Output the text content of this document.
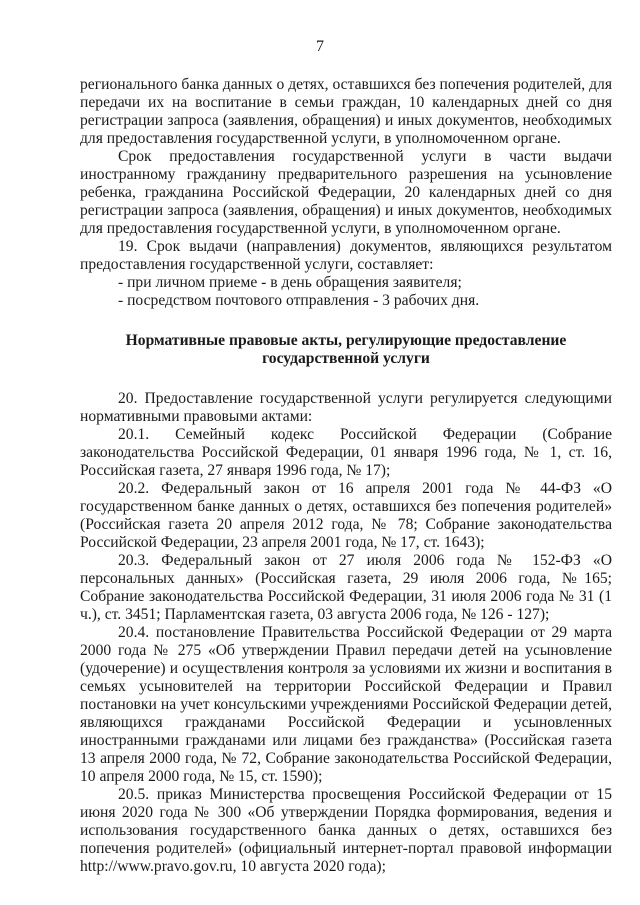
7

регионального банка данных о детях, оставшихся без попечения родителей, для передачи их на воспитание в семьи граждан, 10 календарных дней со дня регистрации запроса (заявления, обращения) и иных документов, необходимых для предоставления государственной услуги, в уполномоченном органе.

Срок предоставления государственной услуги в части выдачи иностранному гражданину предварительного разрешения на усыновление ребенка, гражданина Российской Федерации, 20 календарных дней со дня регистрации запроса (заявления, обращения) и иных документов, необходимых для предоставления государственной услуги, в уполномоченном органе.

19. Срок выдачи (направления) документов, являющихся результатом предоставления государственной услуги, составляет:

- при личном приеме - в день обращения заявителя;

- посредством почтового отправления - 3 рабочих дня.

Нормативные правовые акты, регулирующие предоставление
государственной услуги

20. Предоставление государственной услуги регулируется следующими нормативными правовыми актами:

20.1. Семейный кодекс Российской Федерации (Собрание законодательства Российской Федерации, 01 января 1996 года, № 1, ст. 16, Российская газета, 27 января 1996 года, № 17);

20.2. Федеральный закон от 16 апреля 2001 года № 44-ФЗ «О государственном банке данных о детях, оставшихся без попечения родителей» (Российская газета 20 апреля 2012 года, № 78; Собрание законодательства Российской Федерации, 23 апреля 2001 года, № 17, ст. 1643);

20.3. Федеральный закон от 27 июля 2006 года № 152-ФЗ «О персональных данных» (Российская газета, 29 июля 2006 года, №165; Собрание законодательства Российской Федерации, 31 июля 2006 года № 31 (1 ч.), ст. 3451; Парламентская газета, 03 августа 2006 года, № 126 - 127);

20.4. постановление Правительства Российской Федерации от 29 марта 2000 года № 275 «Об утверждении Правил передачи детей на усыновление (удочерение) и осуществления контроля за условиями их жизни и воспитания в семьях усыновителей на территории Российской Федерации и Правил постановки на учет консульскими учреждениями Российской Федерации детей, являющихся гражданами Российской Федерации и усыновленных иностранными гражданами или лицами без гражданства» (Российская газета 13 апреля 2000 года, № 72, Собрание законодательства Российской Федерации, 10 апреля 2000 года, № 15, ст. 1590);

20.5. приказ Министерства просвещения Российской Федерации от 15 июня 2020 года № 300 «Об утверждении Порядка формирования, ведения и использования государственного банка данных о детях, оставшихся без попечения родителей» (официальный интернет-портал правовой информации http://www.pravo.gov.ru, 10 августа 2020 года);
